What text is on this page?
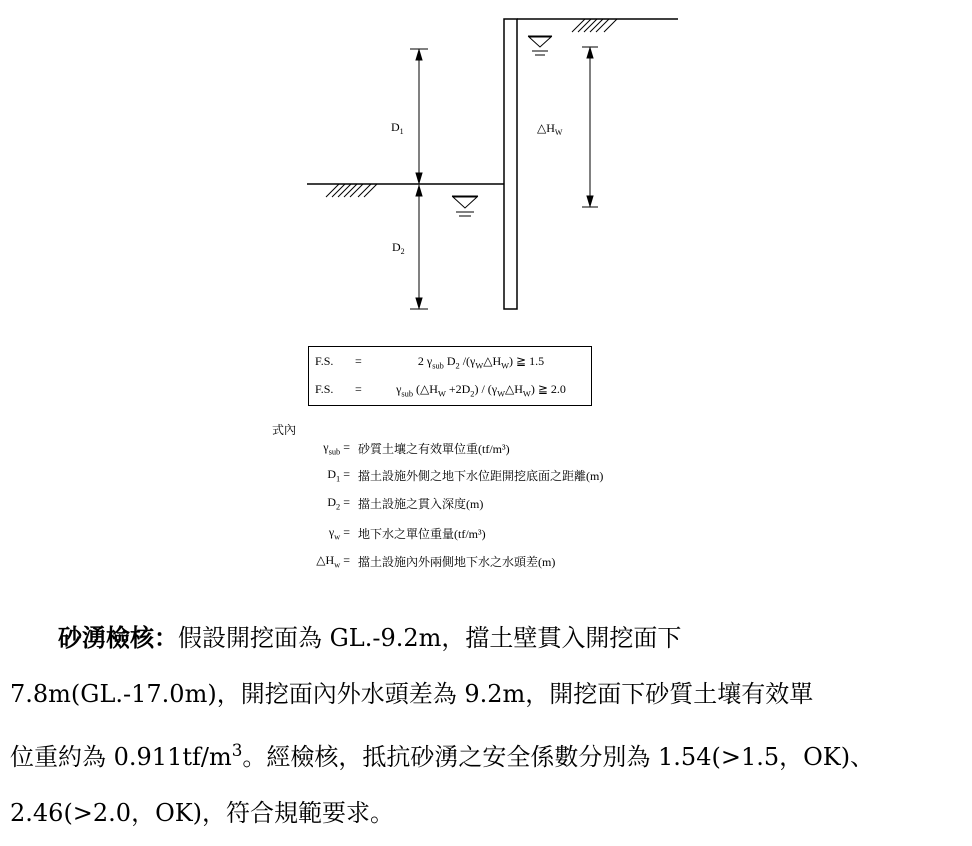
$D_1$
$D_2$
$\triangle H_W$
F.S. =	2 $\gamma_{sub}$ $D_2$ $/(\gamma_W\triangle H_W)$ ≧ 1.5
F.S. =	$\gamma_{sub}$ $(\triangle H_W +2D_2)$ / $(\gamma_W\triangle H_W)$ ≧ 2.0
式內
$\gamma_{sub}$ = 砂質土壤之有效單位重(tf/m³)
$D_1$ = 擋土設施外側之地下水位距開挖底面之距離(m)
$D_2$ = 擋土設施之貫入深度(m)
$\gamma_w$ = 地下水之單位重量(tf/m³)
$\triangle H_w$ = 擋土設施內外兩側地下水之水頭差(m)

  砂湧檢核：假設開挖面為 GL.-9.2m，擋土壁貫入開挖面下

7.8m(GL.-17.0m)，開挖面內外水頭差為 9.2m，開挖面下砂質土壤有效單

位重約為 $0.911tf/m^3$。經檢核，抵抗砂湧之安全係數分別為 1.54(>1.5，OK)、

2.46(>2.0，OK)，符合規範要求。
